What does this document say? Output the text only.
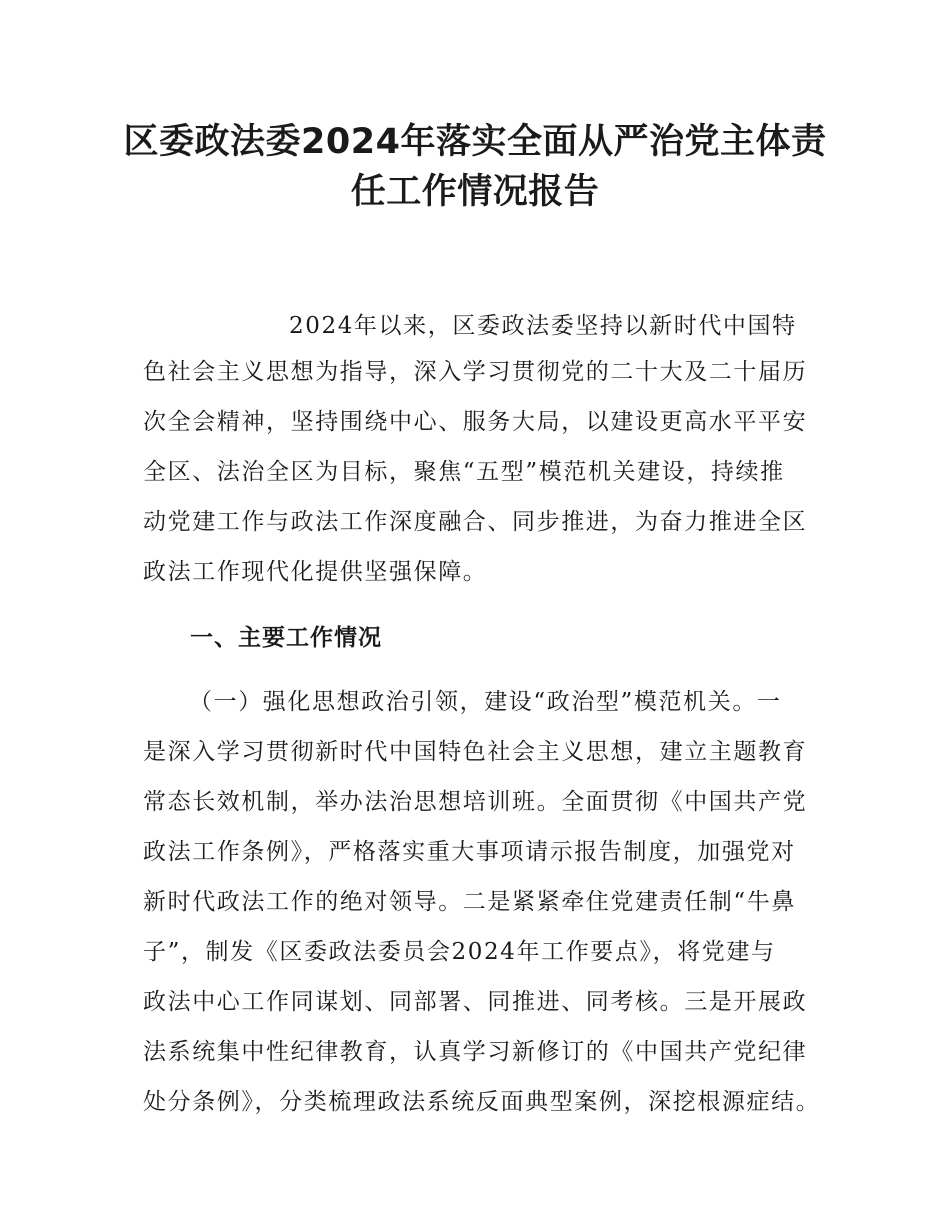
区委政法委2024年落实全面从严治党主体责
任工作情况报告

2024年以来，区委政法委坚持以新时代中国特

色社会主义思想为指导，深入学习贯彻党的二十大及二十届历

次全会精神，坚持围绕中心、服务大局，以建设更高水平平安

全区、法治全区为目标，聚焦“五型”模范机关建设，持续推

动党建工作与政法工作深度融合、同步推进，为奋力推进全区

政法工作现代化提供坚强保障。

一、主要工作情况

（一）强化思想政治引领，建设“政治型”模范机关。一

是深入学习贯彻新时代中国特色社会主义思想，建立主题教育

常态长效机制，举办法治思想培训班。全面贯彻《中国共产党

政法工作条例》，严格落实重大事项请示报告制度，加强党对

新时代政法工作的绝对领导。二是紧紧牵住党建责任制“牛鼻

子”，制发《区委政法委员会2024年工作要点》，将党建与

政法中心工作同谋划、同部署、同推进、同考核。三是开展政

法系统集中性纪律教育，认真学习新修订的《中国共产党纪律

处分条例》，分类梳理政法系统反面典型案例，深挖根源症结。
